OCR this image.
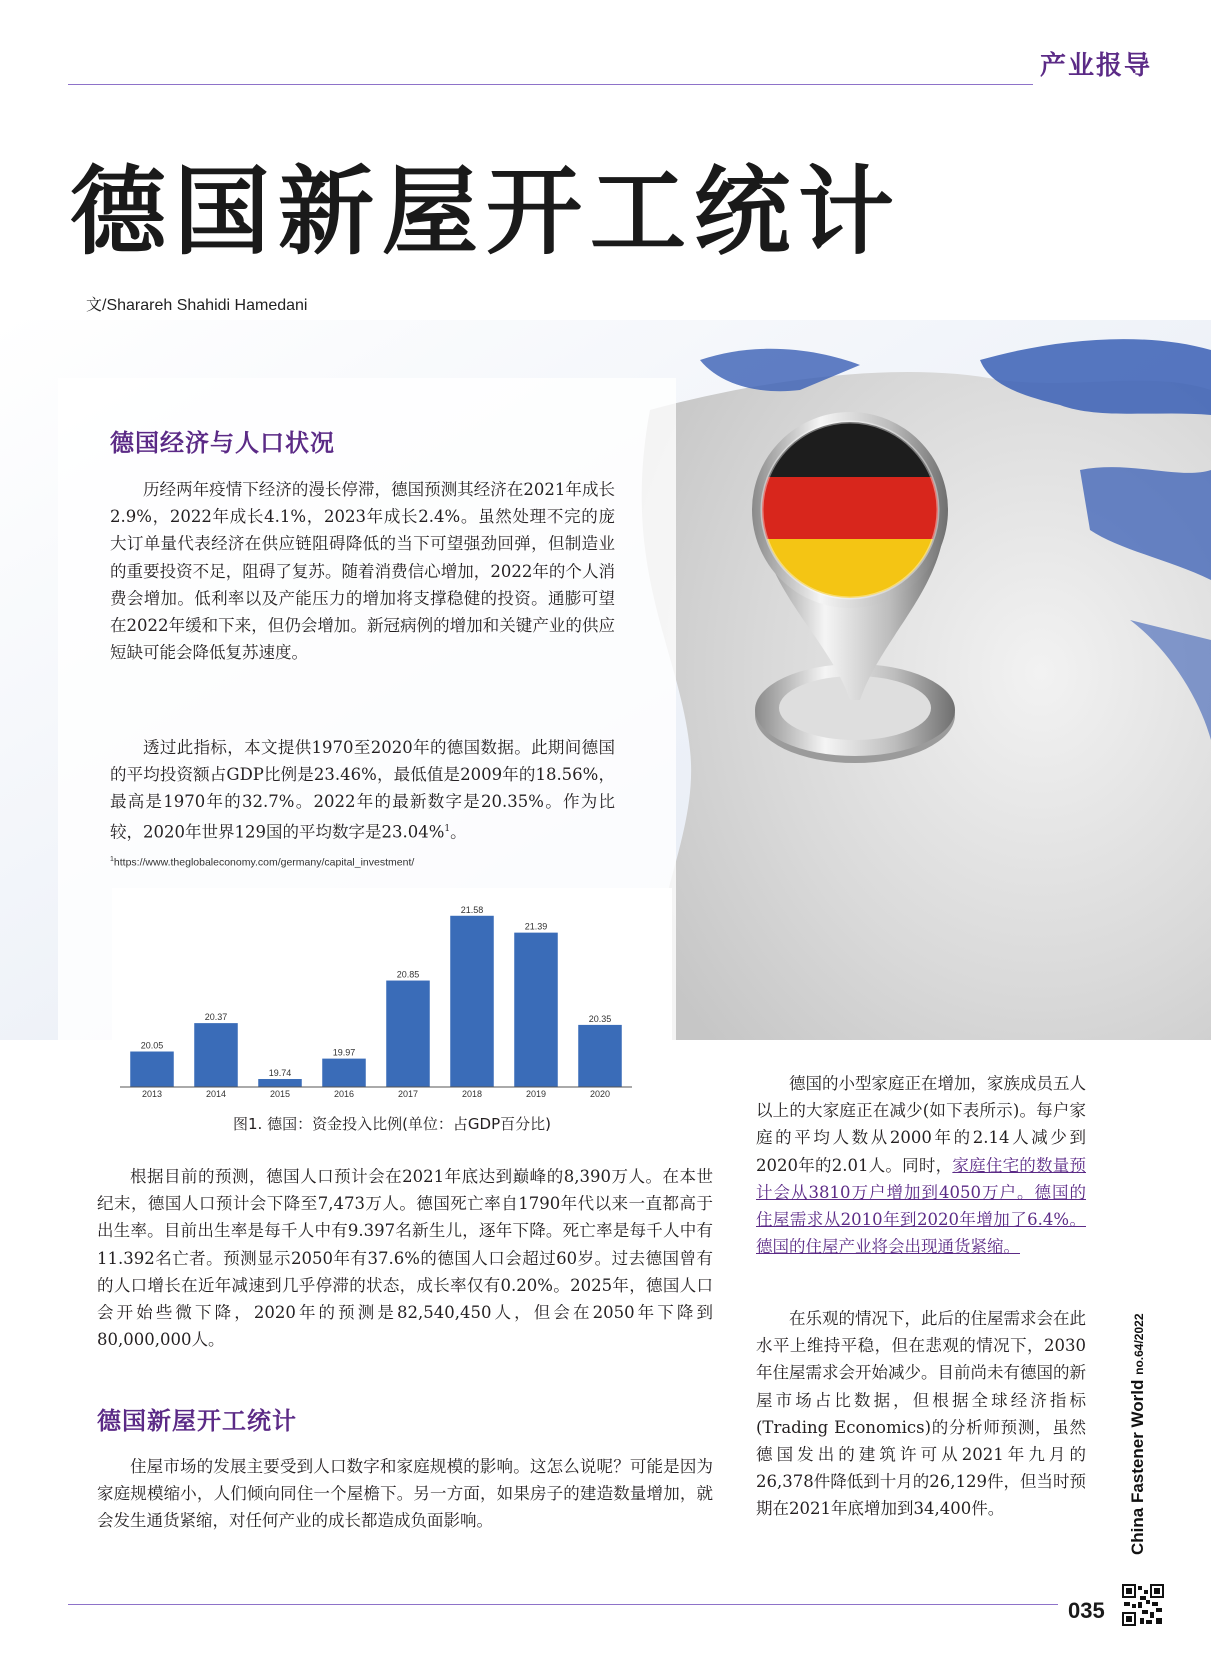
产业报导
德国新屋开工统计
文/Sharareh Shahidi Hamedani
德国经济与人口状况
历经两年疫情下经济的漫长停滞，德国预测其经济在2021年成长2.9%，2022年成长4.1%，2023年成长2.4%。虽然处理不完的庞大订单量代表经济在供应链阻碍降低的当下可望强劲回弹，但制造业的重要投资不足，阻碍了复苏。随着消费信心增加，2022年的个人消费会增加。低利率以及产能压力的增加将支撑稳健的投资。通膨可望在2022年缓和下来，但仍会增加。新冠病例的增加和关键产业的供应短缺可能会降低复苏速度。
透过此指标，本文提供1970至2020年的德国数据。此期间德国的平均投资额占GDP比例是23.46%，最低值是2009年的18.56%，最高是1970年的32.7%。2022年的最新数字是20.35%。作为比较，2020年世界129国的平均数字是23.04%$^1$。
$^1$https://www.theglobaleconomy.com/germany/capital_investment/
20.05
2013
20.37
2014
19.74
2015
19.97
2016
20.85
2017
21.58
2018
21.39
2019
20.35
2020
图1. 德国：资金投入比例(单位：占GDP百分比)
根据目前的预测，德国人口预计会在2021年底达到巅峰的8,390万人。在本世纪末，德国人口预计会下降至7,473万人。德国死亡率自1790年代以来一直都高于出生率。目前出生率是每千人中有9.397名新生儿，逐年下降。死亡率是每千人中有11.392名亡者。预测显示2050年有37.6%的德国人口会超过60岁。过去德国曾有的人口增长在近年减速到几乎停滞的状态，成长率仅有0.20%。2025年，德国人口会开始些微下降，2020年的预测是82,540,450人，但会在2050年下降到80,000,000人。
德国新屋开工统计
住屋市场的发展主要受到人口数字和家庭规模的影响。这怎么说呢？可能是因为家庭规模缩小，人们倾向同住一个屋檐下。另一方面，如果房子的建造数量增加，就会发生通货紧缩，对任何产业的成长都造成负面影响。
德国的小型家庭正在增加，家族成员五人以上的大家庭正在减少(如下表所示)。每户家庭的平均人数从2000年的2.14人减少到2020年的2.01人。同时，家庭住宅的数量预计会从3810万户增加到4050万户。德国的住屋需求从2010年到2020年增加了6.4%。德国的住屋产业将会出现通货紧缩。
在乐观的情况下，此后的住屋需求会在此水平上维持平稳，但在悲观的情况下，2030年住屋需求会开始减少。目前尚未有德国的新屋市场占比数据，但根据全球经济指标(Trading Economics)的分析师预测，虽然德国发出的建筑许可从2021年九月的26,378件降低到十月的26,129件，但当时预期在2021年底增加到34,400件。	China Fastener World no.64/2022
035
